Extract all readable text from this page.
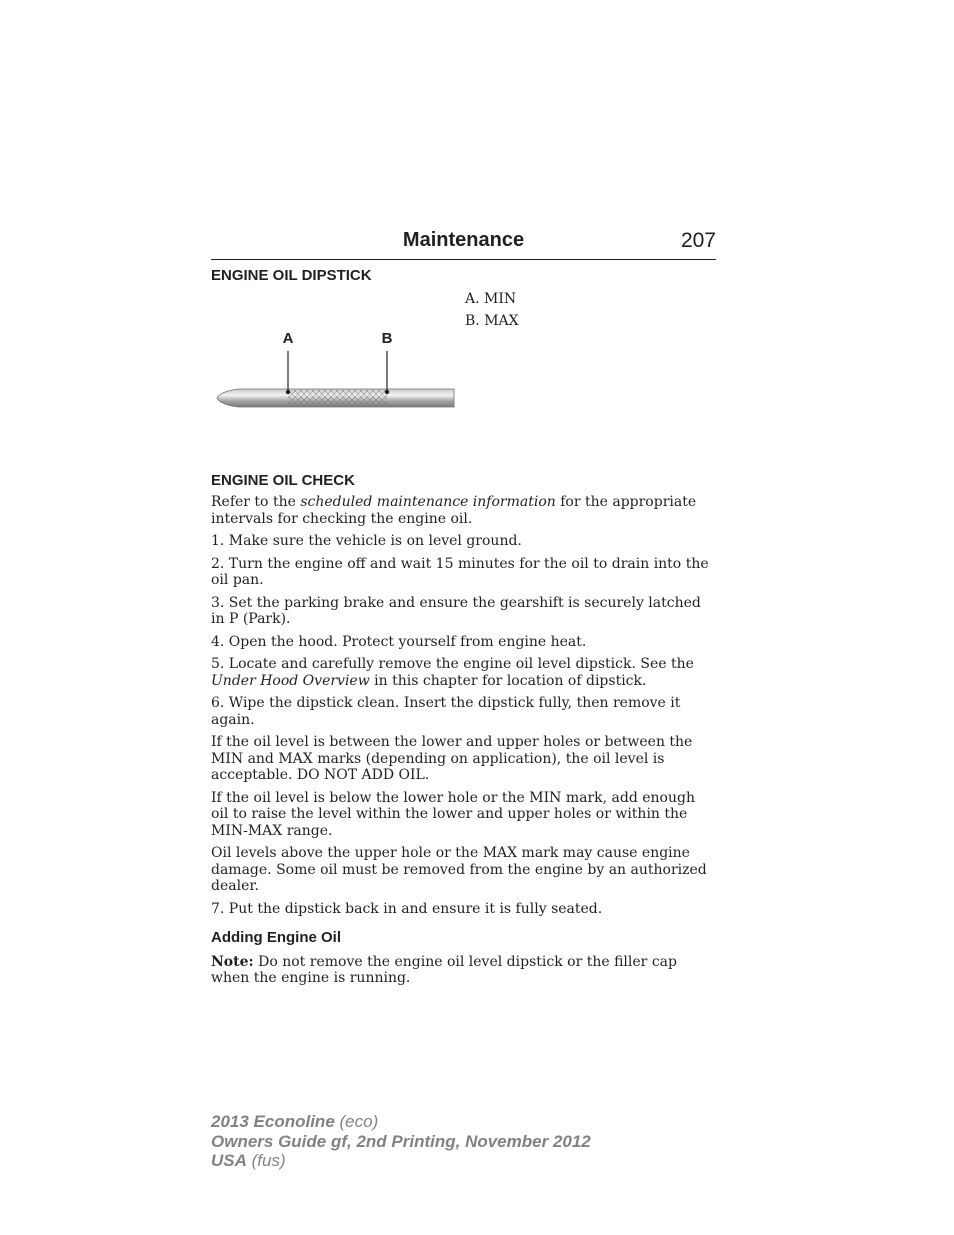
Maintenance	207
ENGINE OIL DIPSTICK
A. MIN
B. MAX
A	B
ENGINE OIL CHECK

Refer to the scheduled maintenance information for the appropriate intervals for checking the engine oil.

1. Make sure the vehicle is on level ground.

2. Turn the engine off and wait 15 minutes for the oil to drain into the oil pan.

3. Set the parking brake and ensure the gearshift is securely latched in P (Park).

4. Open the hood. Protect yourself from engine heat.

5. Locate and carefully remove the engine oil level dipstick. See the Under Hood Overview in this chapter for location of dipstick.

6. Wipe the dipstick clean. Insert the dipstick fully, then remove it again.

If the oil level is between the lower and upper holes or between the MIN and MAX marks (depending on application), the oil level is acceptable. DO NOT ADD OIL.

If the oil level is below the lower hole or the MIN mark, add enough oil to raise the level within the lower and upper holes or within the MIN-MAX range.

Oil levels above the upper hole or the MAX mark may cause engine damage. Some oil must be removed from the engine by an authorized dealer.

7. Put the dipstick back in and ensure it is fully seated.

Adding Engine Oil

Note: Do not remove the engine oil level dipstick or the filler cap when the engine is running.

2013 Econoline (eco)
Owners Guide gf, 2nd Printing, November 2012
USA (fus)
